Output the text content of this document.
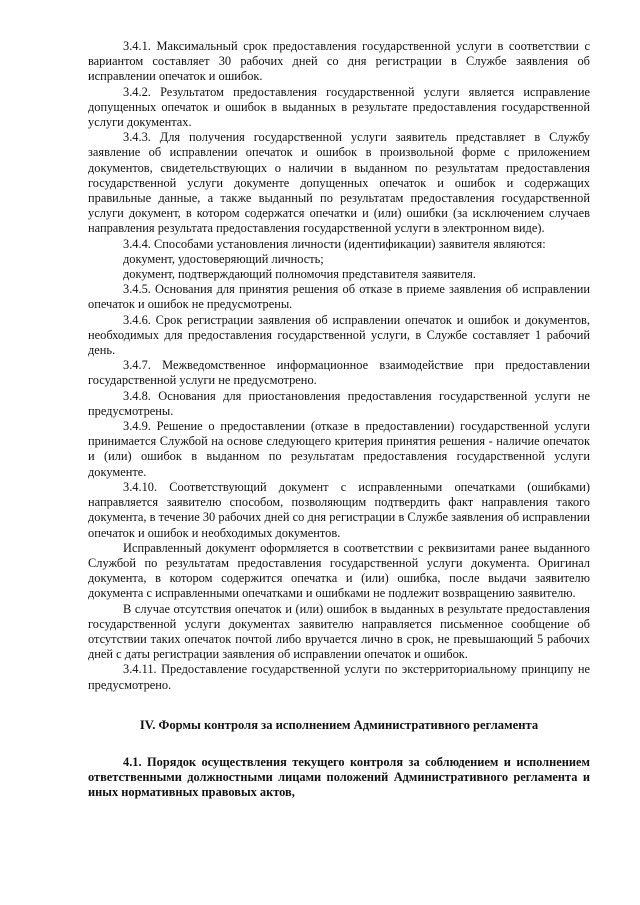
3.4.1. Максимальный срок предоставления государственной услуги в соответствии с вариантом составляет 30 рабочих дней со дня регистрации в Службе заявления об исправлении опечаток и ошибок.

3.4.2. Результатом предоставления государственной услуги является исправление допущенных опечаток и ошибок в выданных в результате предоставления государственной услуги документах.

3.4.3. Для получения государственной услуги заявитель представляет в Службу заявление об исправлении опечаток и ошибок в произвольной форме с приложением документов, свидетельствующих о наличии в выданном по результатам предоставления государственной услуги документе допущенных опечаток и ошибок и содержащих правильные данные, а также выданный по результатам предоставления государственной услуги документ, в котором содержатся опечатки и (или) ошибки (за исключением случаев направления результата предоставления государственной услуги в электронном виде).

3.4.4. Способами установления личности (идентификации) заявителя являются:

документ, удостоверяющий личность;

документ, подтверждающий полномочия представителя заявителя.

3.4.5. Основания для принятия решения об отказе в приеме заявления об исправлении опечаток и ошибок не предусмотрены.

3.4.6. Срок регистрации заявления об исправлении опечаток и ошибок и документов, необходимых для предоставления государственной услуги, в Службе составляет 1 рабочий день.

3.4.7. Межведомственное информационное взаимодействие при предоставлении государственной услуги не предусмотрено.

3.4.8. Основания для приостановления предоставления государственной услуги не предусмотрены.

3.4.9. Решение о предоставлении (отказе в предоставлении) государственной услуги принимается Службой на основе следующего критерия принятия решения - наличие опечаток и (или) ошибок в выданном по результатам предоставления государственной услуги документе.

3.4.10. Соответствующий документ с исправленными опечатками (ошибками) направляется заявителю способом, позволяющим подтвердить факт направления такого документа, в течение 30 рабочих дней со дня регистрации в Службе заявления об исправлении опечаток и ошибок и необходимых документов.

Исправленный документ оформляется в соответствии с реквизитами ранее выданного Службой по результатам предоставления государственной услуги документа. Оригинал документа, в котором содержится опечатка и (или) ошибка, после выдачи заявителю документа с исправленными опечатками и ошибками не подлежит возвращению заявителю.

В случае отсутствия опечаток и (или) ошибок в выданных в результате предоставления государственной услуги документах заявителю направляется письменное сообщение об отсутствии таких опечаток почтой либо вручается лично в срок, не превышающий 5 рабочих дней с даты регистрации заявления об исправлении опечаток и ошибок.

3.4.11. Предоставление государственной услуги по экстерриториальному принципу не предусмотрено.

IV. Формы контроля за исполнением Административного регламента

4.1. Порядок осуществления текущего контроля за соблюдением и исполнением ответственными должностными лицами положений Административного регламента и иных нормативных правовых актов,
